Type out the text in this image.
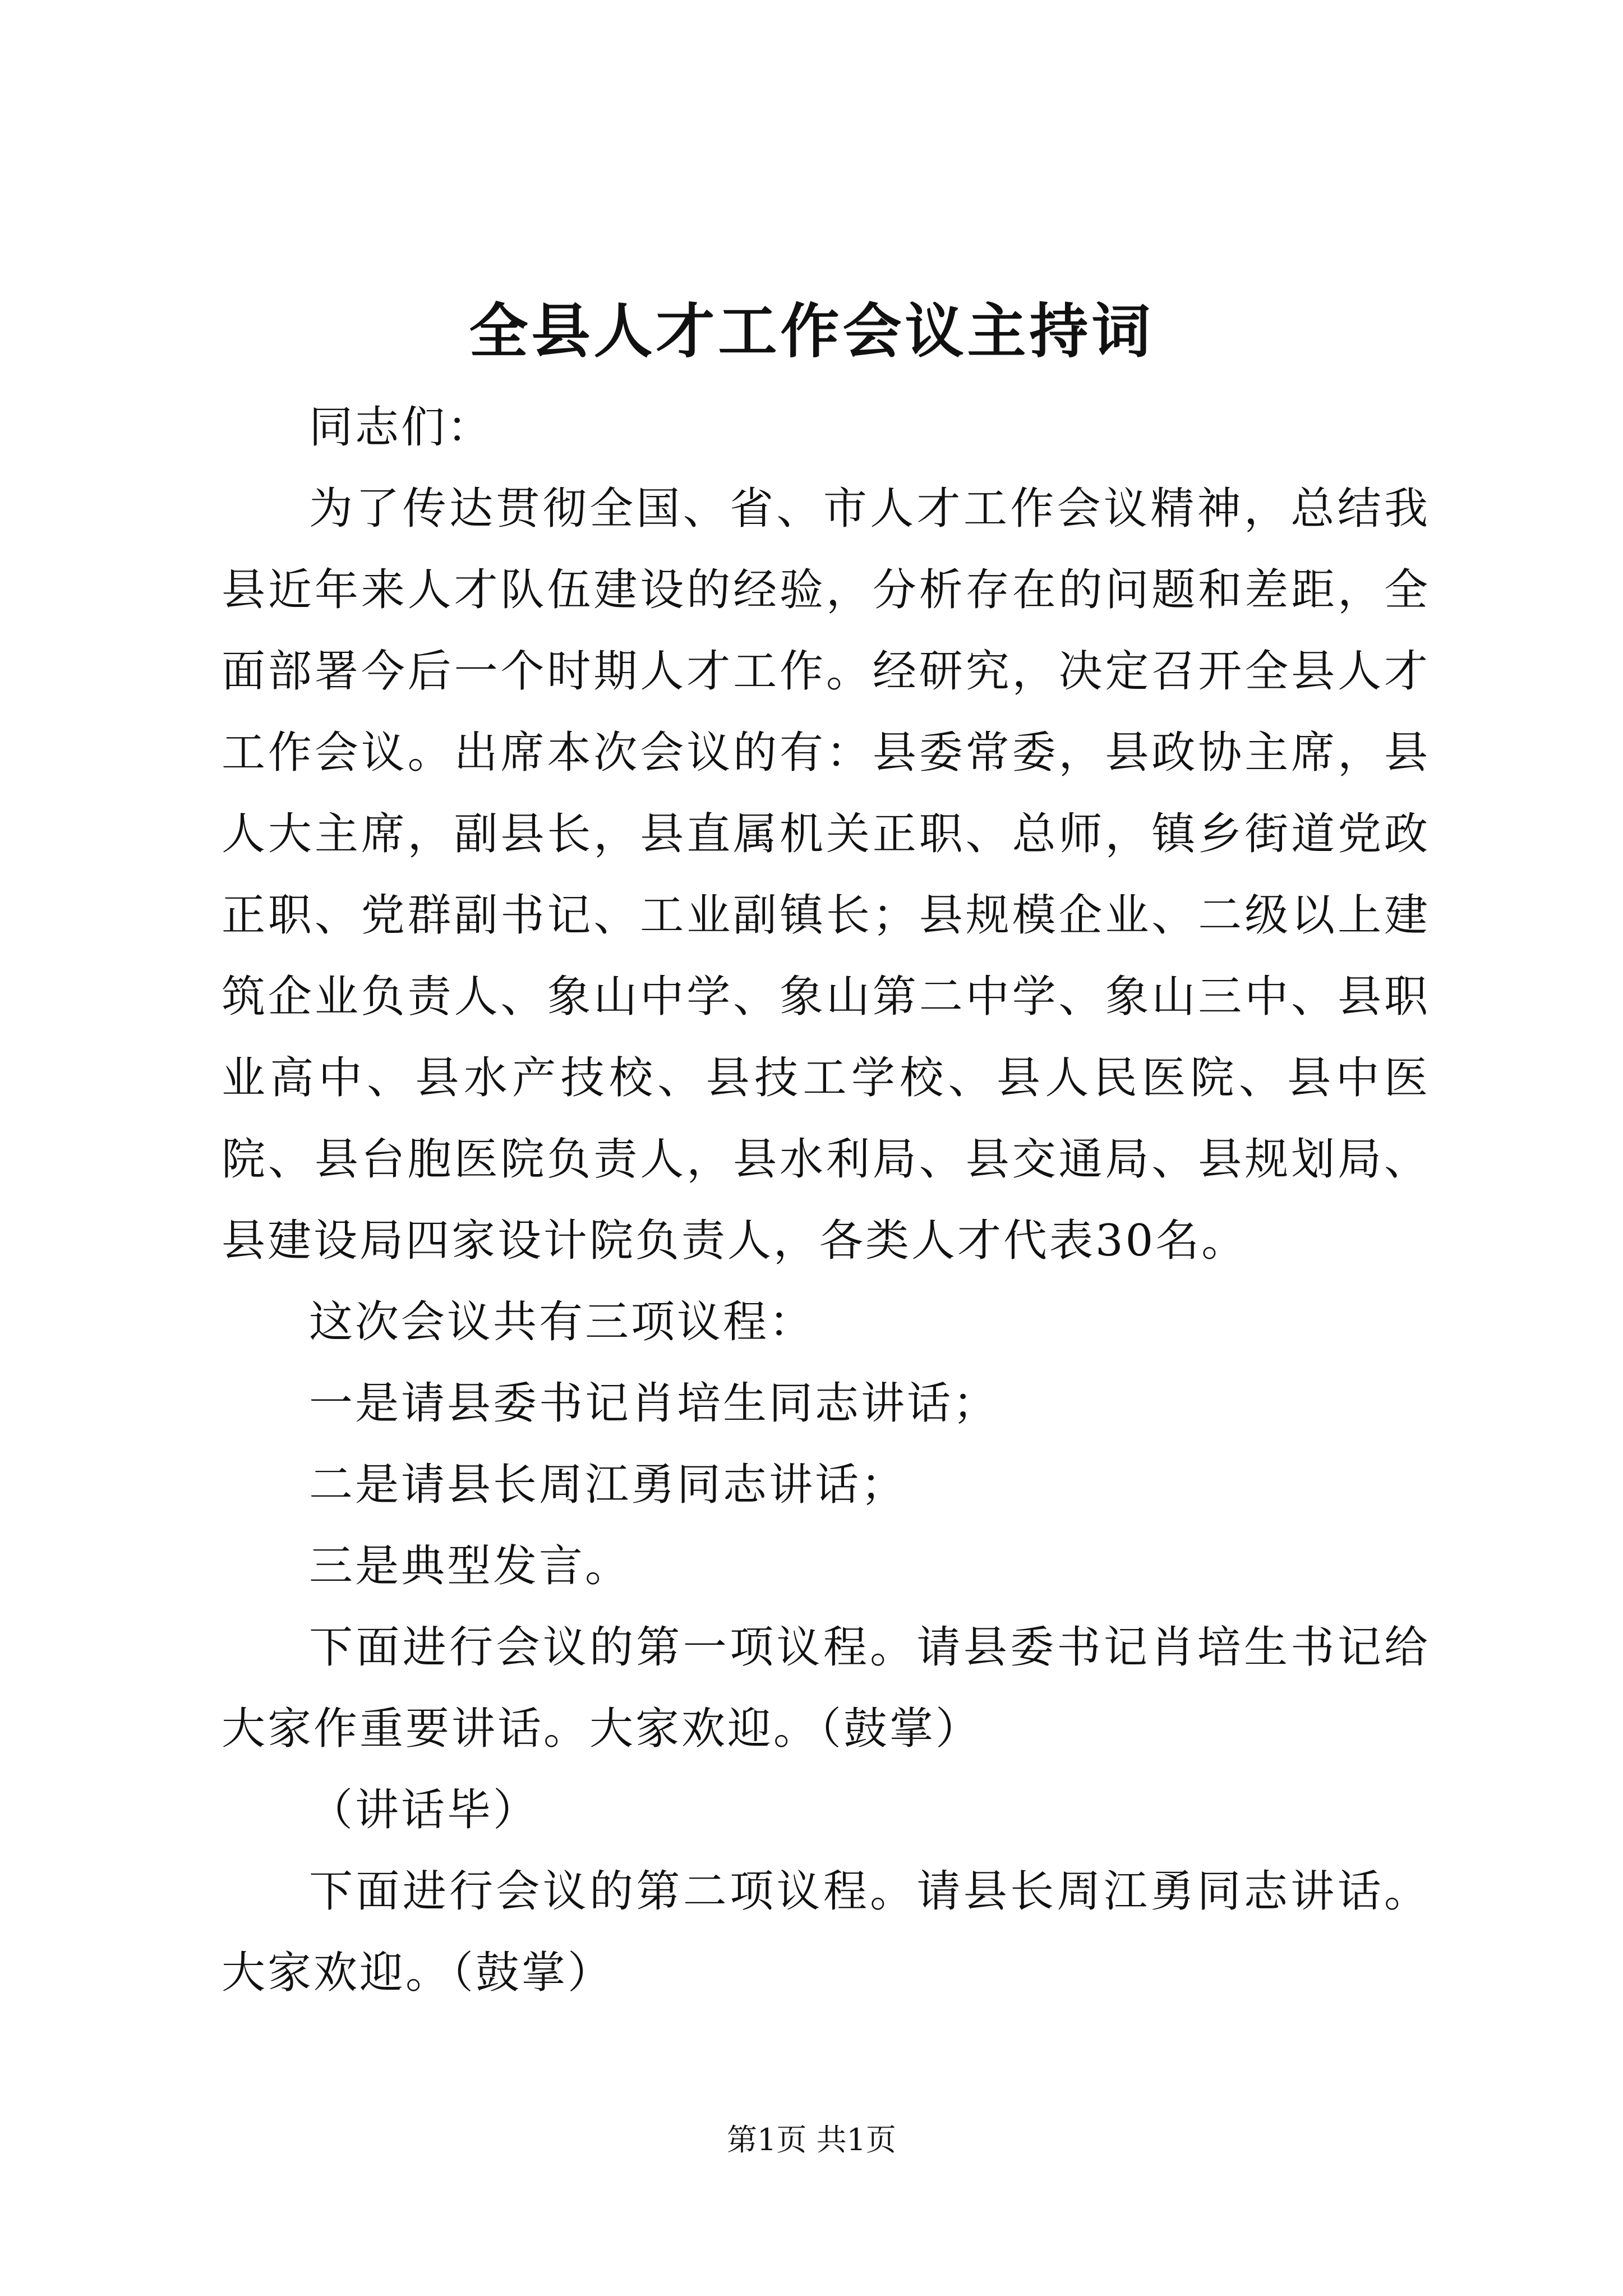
全县人才工作会议主持词

同志们：

为了传达贯彻全国、省、市人才工作会议精神，总结我县近年来人才队伍建设的经验，分析存在的问题和差距，全面部署今后一个时期人才工作。经研究，决定召开全县人才工作会议。出席本次会议的有：县委常委，县政协主席，县人大主席，副县长，县直属机关正职、总师，镇乡街道党政正职、党群副书记、工业副镇长；县规模企业、二级以上建筑企业负责人、象山中学、象山第二中学、象山三中、县职业高中、县水产技校、县技工学校、县人民医院、县中医院、县台胞医院负责人，县水利局、县交通局、县规划局、县建设局四家设计院负责人，各类人才代表30名。

这次会议共有三项议程：

一是请县委书记肖培生同志讲话；

二是请县长周江勇同志讲话；

三是典型发言。

下面进行会议的第一项议程。请县委书记肖培生书记给大家作重要讲话。大家欢迎。（鼓掌）

（讲话毕）

下面进行会议的第二项议程。请县长周江勇同志讲话。大家欢迎。（鼓掌）

第1页 共1页
